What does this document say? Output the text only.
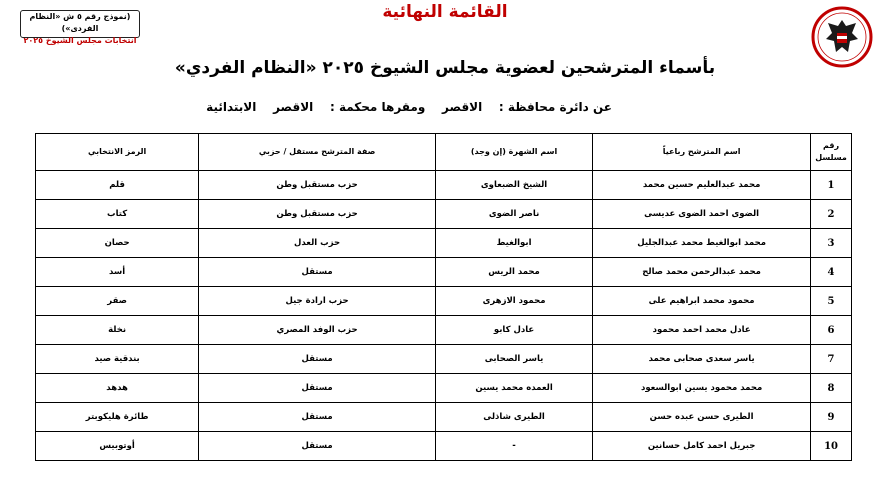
(نموذج رقم ٥ ش «النظام الفردى»)
انتخابات مجلس الشيوخ ٢٠٢٥
القائمة النهائية
بأسماء المترشحين لعضوية مجلس الشيوخ ٢٠٢٥ «النظام الفردي»
عن دائرة محافظة :    الاقصر    ومقرها محكمة :    الاقصر    الابتدائية
رقم مسلسل	اسم المترشح رباعياً	اسم الشهرة (إن وجد)	صفة المترشح مستقل / حزبي	الرمز الانتخابي
1	محمد عبدالعليم حسين محمد	الشيخ الضبعاوى	حزب مستقبل وطن	قلم
2	الضوى احمد الضوى عديسى	ناصر الضوى	حزب مستقبل وطن	كتاب
3	محمد ابوالغيط محمد عبدالجليل	ابوالغيط	حزب العدل	حصان
4	محمد عبدالرحمن محمد صالح	محمد الريس	مستقل	أسد
5	محمود محمد ابراهيم على	محمود الازهرى	حزب ارادة جيل	صقر
6	عادل محمد احمد محمود	عادل كابو	حزب الوفد المصري	نخلة
7	ياسر سعدى صحابى محمد	ياسر الصحابى	مستقل	بندقية صيد
8	محمد محمود يسين ابوالسعود	العمده محمد يسين	مستقل	هدهد
9	الطيرى حسن عبده حسن	الطيرى شاذلى	مستقل	طائرة هليكوبتر
10	جبريل احمد كامل حسانين	-	مستقل	أوتوبيس
